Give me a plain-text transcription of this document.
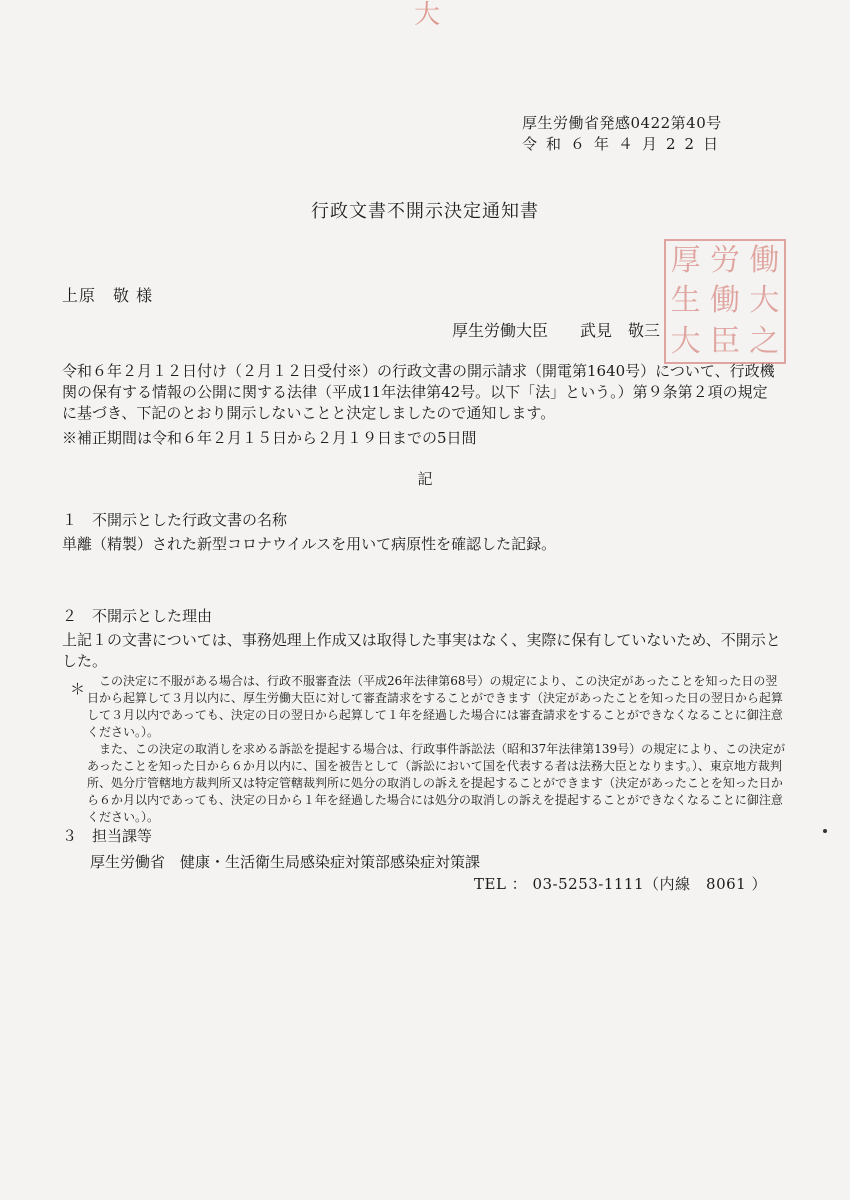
大
厚生労働省発感0422第40号
令和６年４月22日
行政文書不開示決定通知書
上原　敬 様
厚生労働大臣　　武見　敬三
厚 労 働
生 働 大
大 臣 之
令和６年２月１２日付け（２月１２日受付※）の行政文書の開示請求（開電第1640号）について、行政機関の保有する情報の公開に関する法律（平成11年法律第42号。以下「法」という。）第９条第２項の規定に基づき、下記のとおり開示しないことと決定しましたので通知します。
※補正期間は令和６年２月１５日から２月１９日までの5日間
記
１　不開示とした行政文書の名称
単離（精製）された新型コロナウイルスを用いて病原性を確認した記録。
２　不開示とした理由
上記１の文書については、事務処理上作成又は取得した事実はなく、実際に保有していないため、不開示とした。
＊	この決定に不服がある場合は、行政不服審査法（平成26年法律第68号）の規定により、この決定があったことを知った日の翌日から起算して３月以内に、厚生労働大臣に対して審査請求をすることができます（決定があったことを知った日の翌日から起算して３月以内であっても、決定の日の翌日から起算して１年を経過した場合には審査請求をすることができなくなることに御注意ください。）。

また、この決定の取消しを求める訴訟を提起する場合は、行政事件訴訟法（昭和37年法律第139号）の規定により、この決定があったことを知った日から６か月以内に、国を被告として（訴訟において国を代表する者は法務大臣となります。）、東京地方裁判所、処分庁管轄地方裁判所又は特定管轄裁判所に処分の取消しの訴えを提起することができます（決定があったことを知った日から６か月以内であっても、決定の日から１年を経過した場合には処分の取消しの訴えを提起することができなくなることに御注意ください。）。

３　担当課等
厚生労働省　健康・生活衛生局感染症対策部感染症対策課
TEL ： 03-5253-1111（内線　8061 ）
